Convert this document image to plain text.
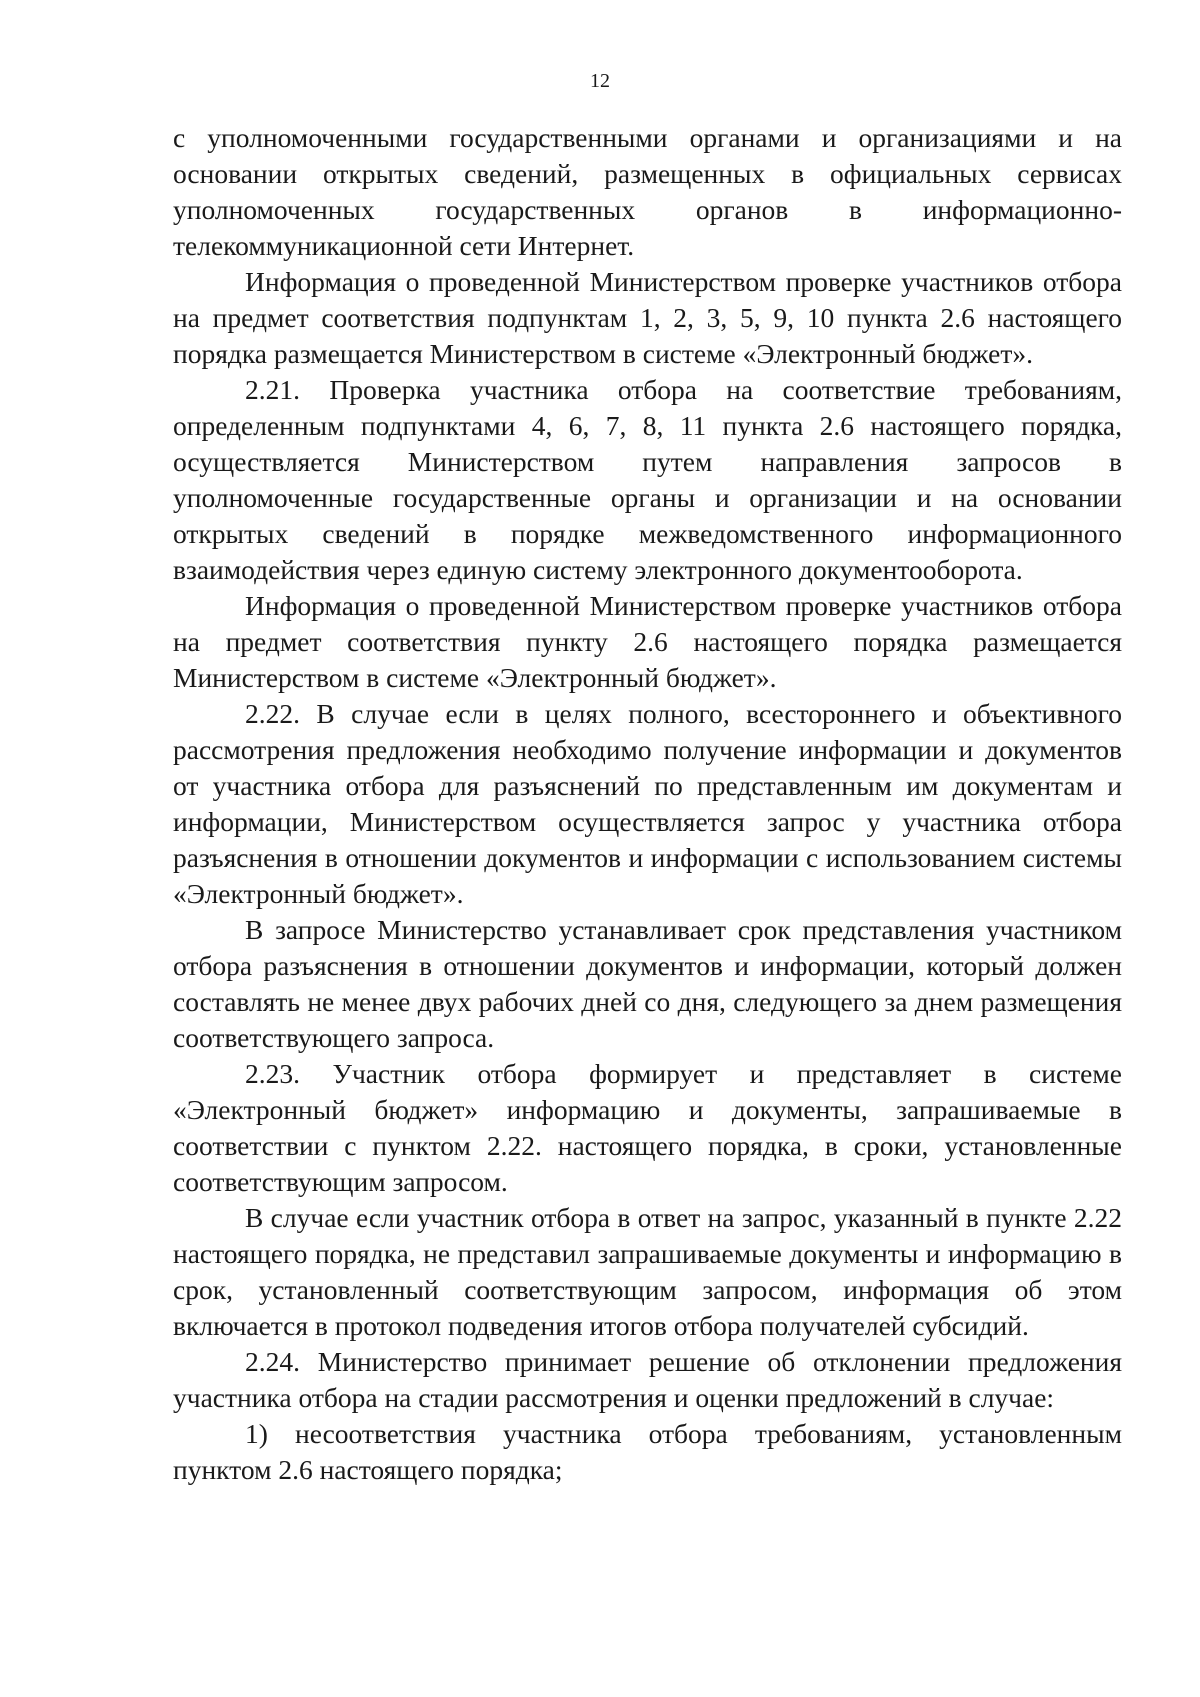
12

с уполномоченными государственными органами и организациями и на основании открытых сведений, размещенных в официальных сервисах уполномоченных государственных органов в информационно-телекоммуникационной сети Интернет.

Информация о проведенной Министерством проверке участников отбора на предмет соответствия подпунктам 1, 2, 3, 5, 9, 10 пункта 2.6 настоящего порядка размещается Министерством в системе «Электронный бюджет».

2.21. Проверка участника отбора на соответствие требованиям, определенным подпунктами 4, 6, 7, 8, 11 пункта 2.6 настоящего порядка, осуществляется Министерством путем направления запросов в уполномоченные государственные органы и организации и на основании открытых сведений в порядке межведомственного информационного взаимодействия через единую систему электронного документооборота.

Информация о проведенной Министерством проверке участников отбора на предмет соответствия пункту 2.6 настоящего порядка размещается Министерством в системе «Электронный бюджет».

2.22. В случае если в целях полного, всестороннего и объективного рассмотрения предложения необходимо получение информации и документов от участника отбора для разъяснений по представленным им документам и информации, Министерством осуществляется запрос у участника отбора разъяснения в отношении документов и информации с использованием системы «Электронный бюджет».

В запросе Министерство устанавливает срок представления участником отбора разъяснения в отношении документов и информации, который должен составлять не менее двух рабочих дней со дня, следующего за днем размещения соответствующего запроса.

2.23. Участник отбора формирует и представляет в системе «Электронный бюджет» информацию и документы, запрашиваемые в соответствии с пунктом 2.22. настоящего порядка, в сроки, установленные соответствующим запросом.

В случае если участник отбора в ответ на запрос, указанный в пункте 2.22 настоящего порядка, не представил запрашиваемые документы и информацию в срок, установленный соответствующим запросом, информация об этом включается в протокол подведения итогов отбора получателей субсидий.

2.24. Министерство принимает решение об отклонении предложения участника отбора на стадии рассмотрения и оценки предложений в случае:

1) несоответствия участника отбора требованиям, установленным пунктом 2.6 настоящего порядка;
